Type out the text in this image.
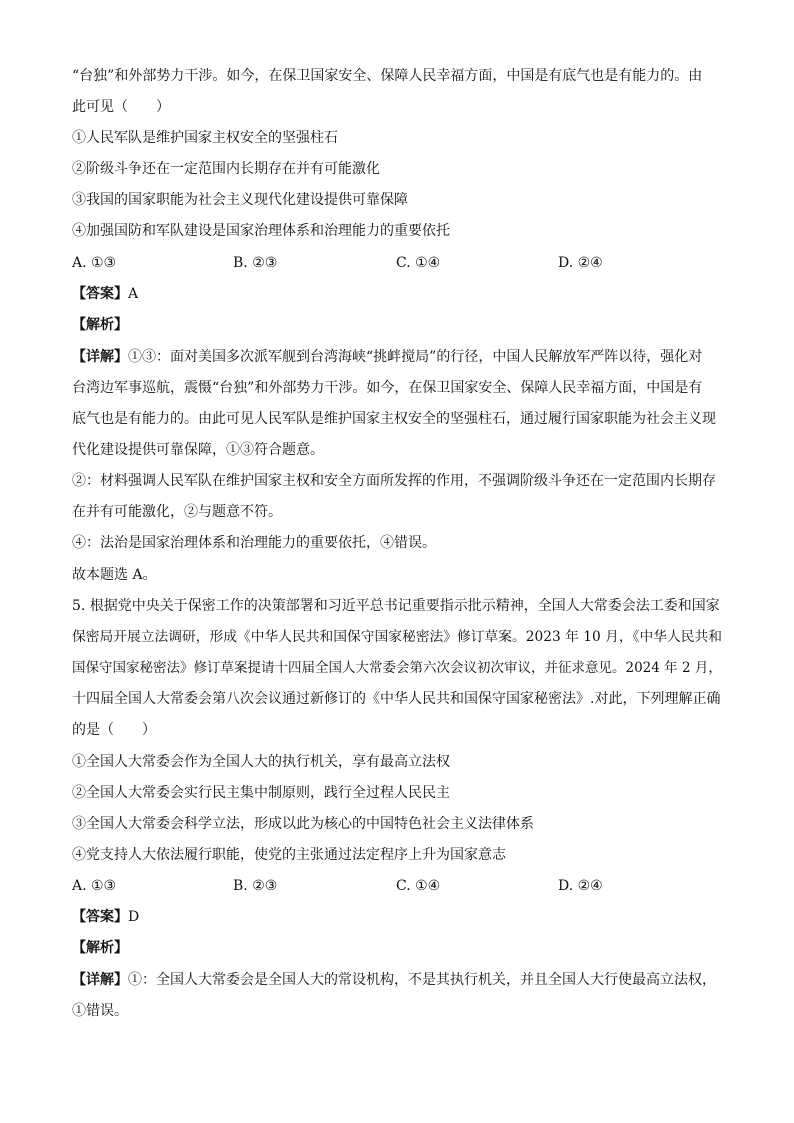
“台独”和外部势力干涉。如今，在保卫国家安全、保障人民幸福方面，中国是有底气也是有能力的。由
此可见（　　）
①人民军队是维护国家主权安全的坚强柱石
②阶级斗争还在一定范围内长期存在并有可能激化
③我国的国家职能为社会主义现代化建设提供可靠保障
④加强国防和军队建设是国家治理体系和治理能力的重要依托
A. ①③	B. ②③	C. ①④	D. ②④
【答案】A
【解析】
【详解】①③：面对美国多次派军舰到台湾海峡“挑衅搅局”的行径，中国人民解放军严阵以待，强化对
台湾边军事巡航，震慑“台独”和外部势力干涉。如今，在保卫国家安全、保障人民幸福方面，中国是有
底气也是有能力的。由此可见人民军队是维护国家主权安全的坚强柱石，通过履行国家职能为社会主义现
代化建设提供可靠保障，①③符合题意。
②：材料强调人民军队在维护国家主权和安全方面所发挥的作用，不强调阶级斗争还在一定范围内长期存
在并有可能激化，②与题意不符。
④：法治是国家治理体系和治理能力的重要依托，④错误。
故本题选 A。
5. 根据党中央关于保密工作的决策部署和习近平总书记重要指示批示精神，全国人大常委会法工委和国家
保密局开展立法调研，形成《中华人民共和国保守国家秘密法》修订草案。2023 年 10 月，《中华人民共和
国保守国家秘密法》修订草案提请十四届全国人大常委会第六次会议初次审议，并征求意见。2024 年 2 月，
十四届全国人大常委会第八次会议通过新修订的《中华人民共和国保守国家秘密法》.对此，下列理解正确
的是（　　）
①全国人大常委会作为全国人大的执行机关，享有最高立法权
②全国人大常委会实行民主集中制原则，践行全过程人民民主
③全国人大常委会科学立法，形成以此为核心的中国特色社会主义法律体系
④党支持人大依法履行职能，使党的主张通过法定程序上升为国家意志
A. ①③	B. ②③	C. ①④	D. ②④
【答案】D
【解析】
【详解】①：全国人大常委会是全国人大的常设机构，不是其执行机关，并且全国人大行使最高立法权，
①错误。
